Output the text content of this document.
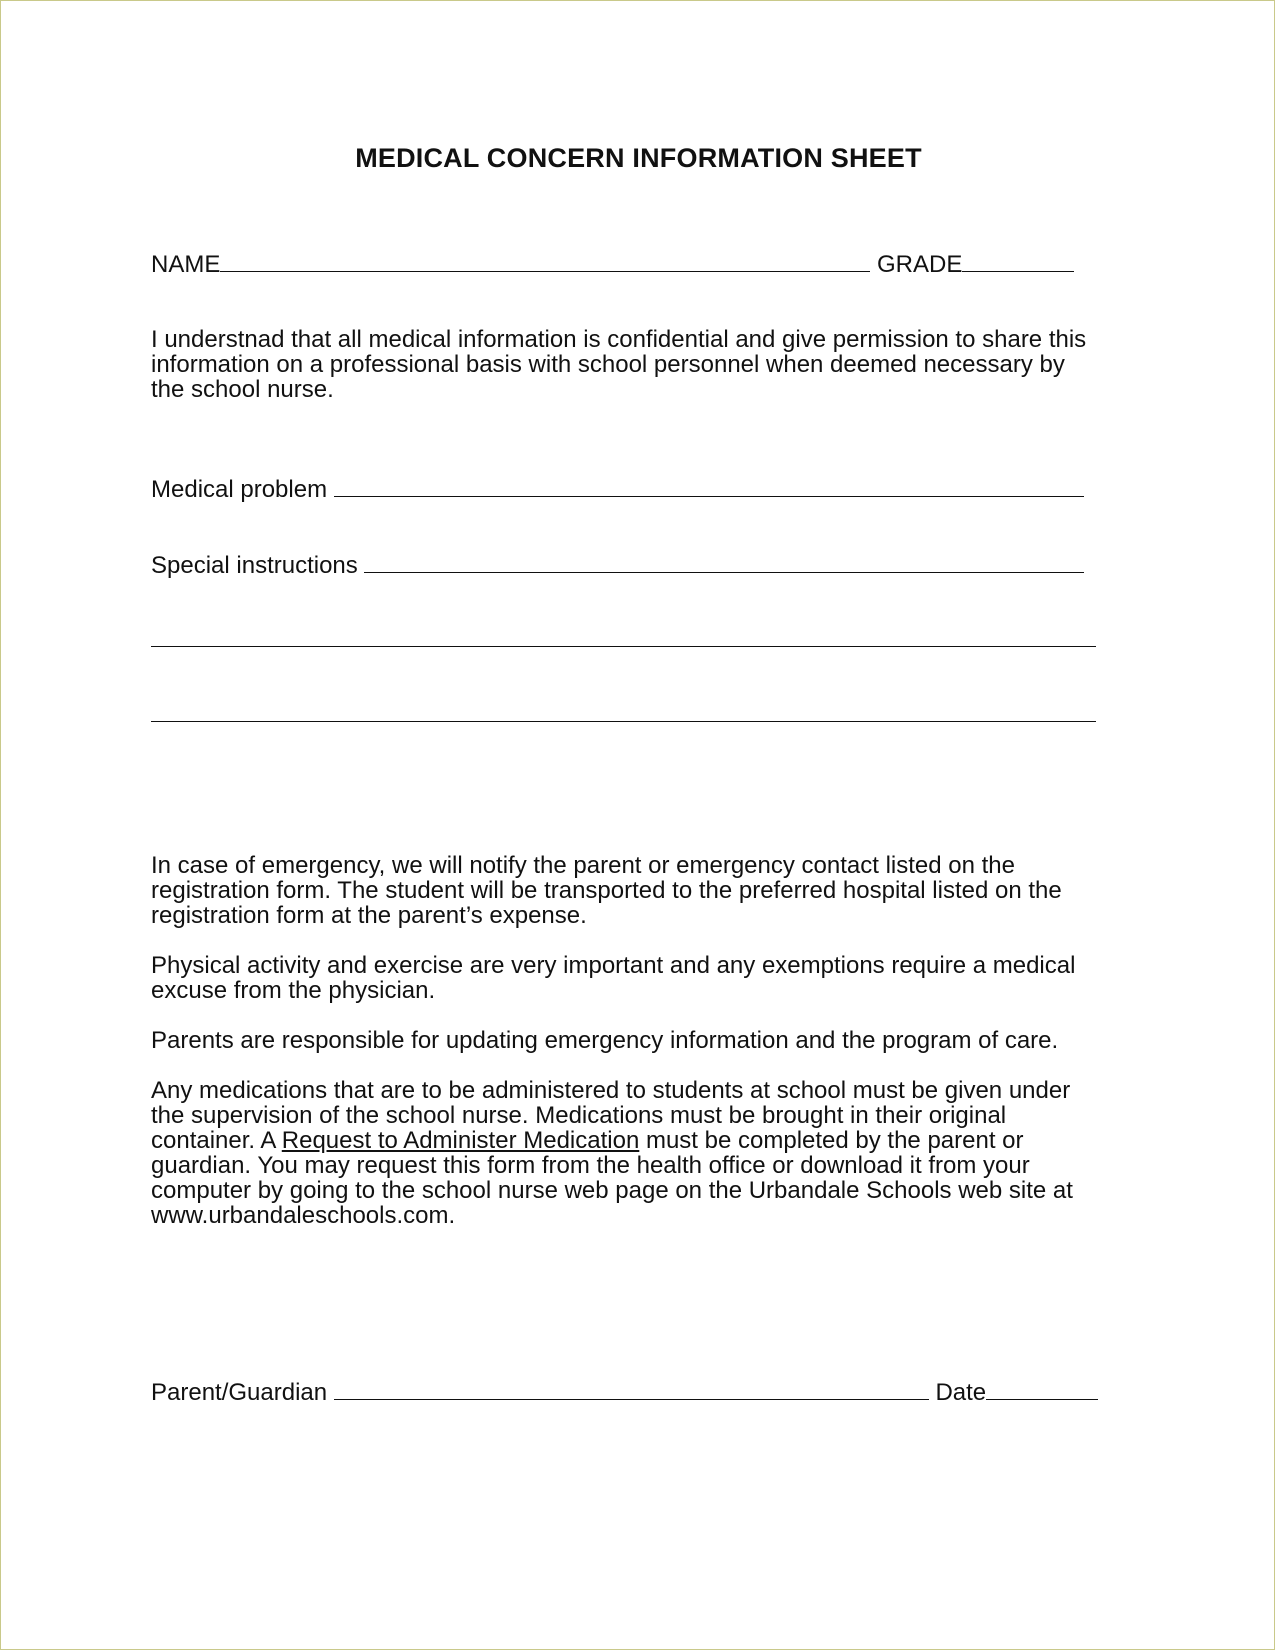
MEDICAL CONCERN INFORMATION SHEET
NAME	GRADE
I understnad that all medical information is confidential and give permission to share this
information on a professional basis with school personnel when deemed necessary by
the school nurse.
Medical problem
Special instructions
In case of emergency, we will notify the parent or emergency contact listed on the
registration form. The student will be transported to the preferred hospital listed on the
registration form at the parent’s expense.
Physical activity and exercise are very important and any exemptions require a medical
excuse from the physician.
Parents are responsible for updating emergency information and the program of care.
Any medications that are to be administered to students at school must be given under
the supervision of the school nurse. Medications must be brought in their original
container. A Request to Administer Medication must be completed by the parent or
guardian. You may request this form from the health office or download it from your
computer by going to the school nurse web page on the Urbandale Schools web site at
www.urbandaleschools.com.
Parent/Guardian	Date
